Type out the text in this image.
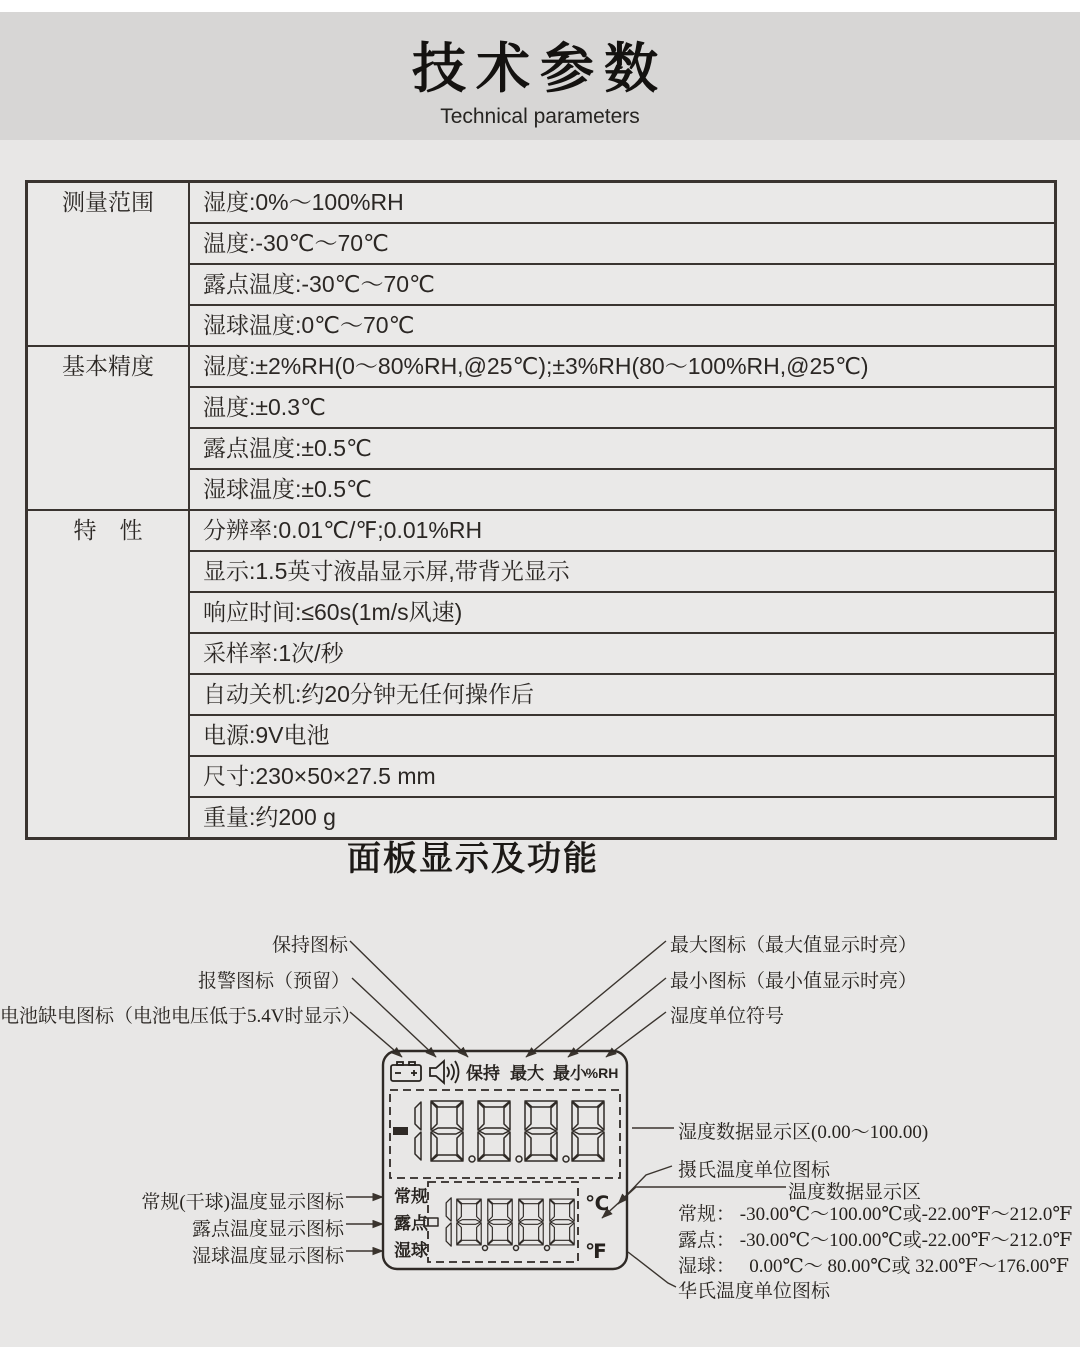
技术参数

Technical parameters

测量范围	湿度:0%～100%RH
	温度:-30℃～70℃
	露点温度:-30℃～70℃
	湿球温度:0℃～70℃
基本精度	湿度:±2%RH(0～80%RH,@25℃);±3%RH(80～100%RH,@25℃)
	温度:±0.3℃
	露点温度:±0.5℃
	湿球温度:±0.5℃
特　性	分辨率:0.01℃/℉;0.01%RH
	显示:1.5英寸液晶显示屏,带背光显示
	响应时间:≤60s(1m/s风速)
	采样率:1次/秒
	自动关机:约20分钟无任何操作后
	电源:9V电池
	尺寸:230×50×27.5 mm
	重量:约200 g
面板显示及功能
保持图标
报警图标（预留）
电池缺电图标（电池电压低于5.4V时显示）
最大图标（最大值显示时亮）
最小图标（最小值显示时亮）
湿度单位符号
湿度数据显示区(0.00～100.00)
摄氏温度单位图标
温度数据显示区
常规： -30.00℃～100.00℃或-22.00℉～212.0℉
露点： -30.00℃～100.00℃或-22.00℉～212.0℉
湿球：   0.00℃～ 80.00℃或 32.00℉～176.00℉
华氏温度单位图标
常规(干球)温度显示图标
露点温度显示图标
湿球温度显示图标
保持 最大 最小
%RH
常规
露点
湿球
℃
℉
